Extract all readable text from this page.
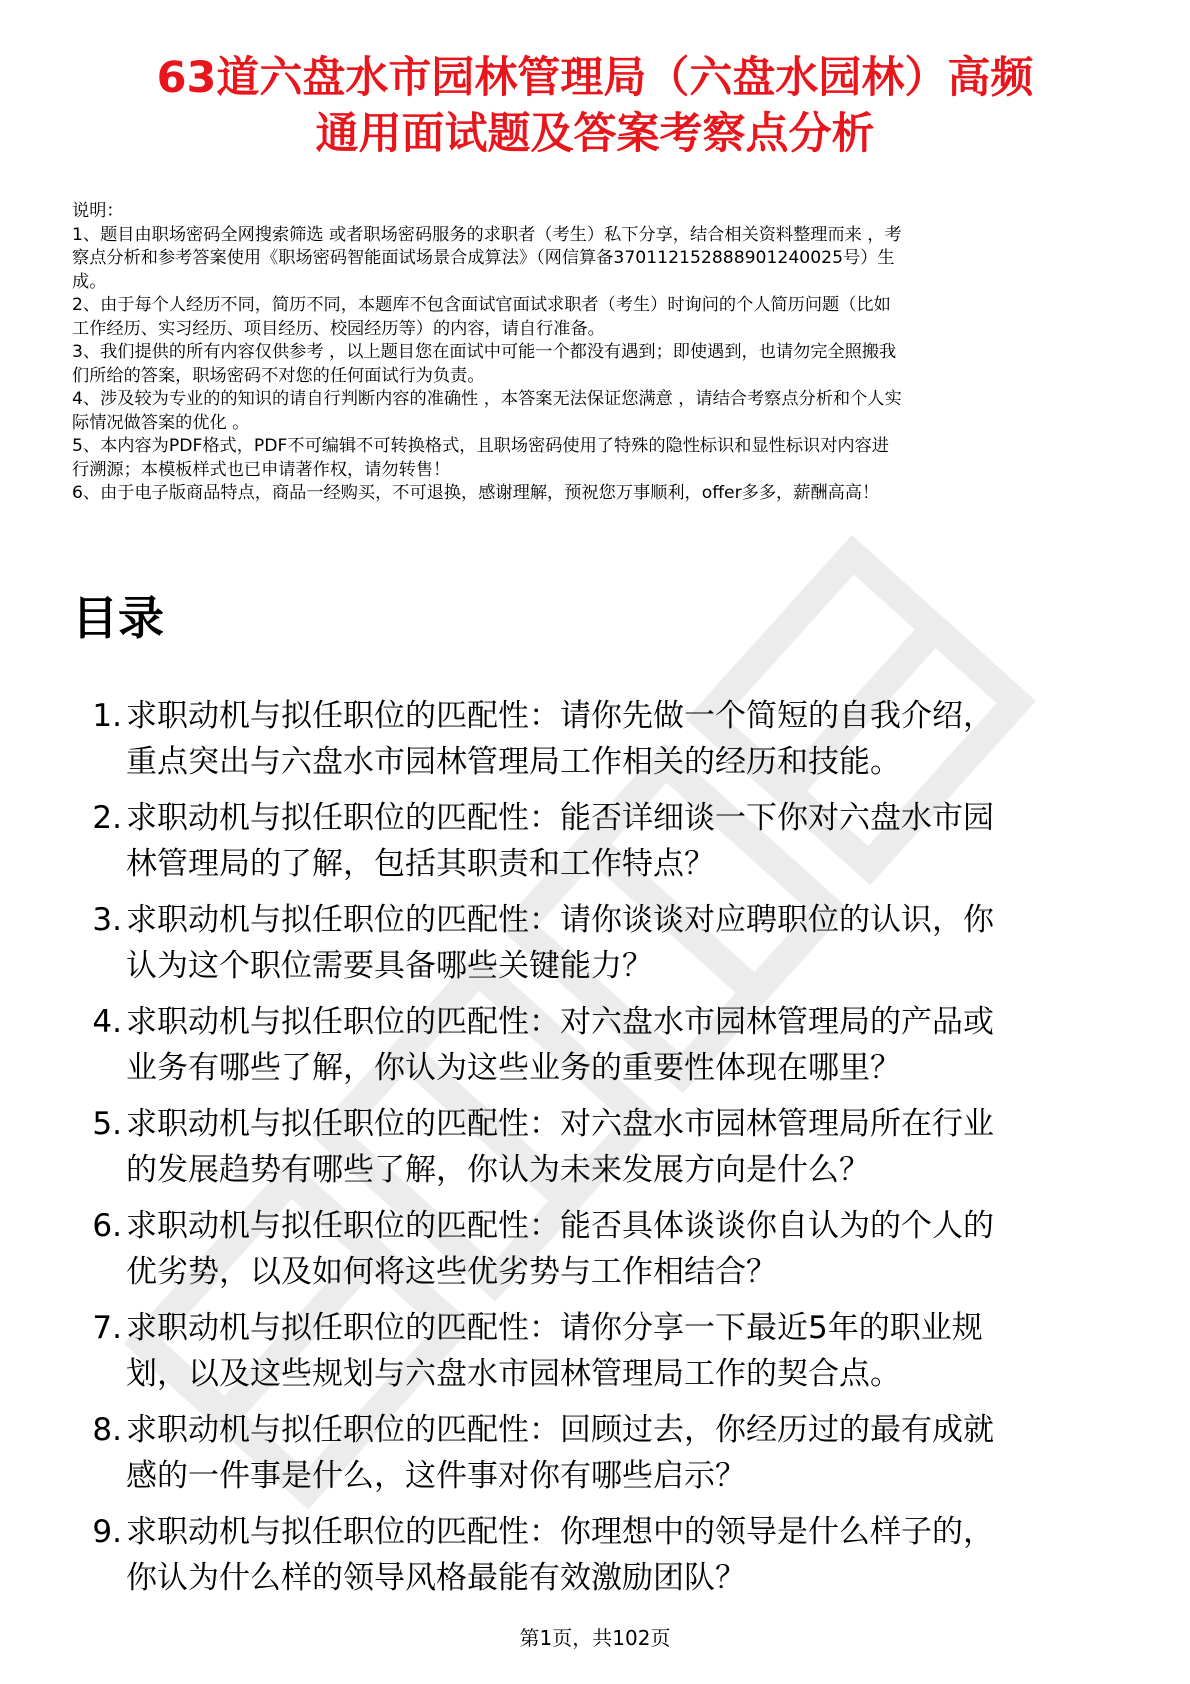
63道六盘水市园林管理局（六盘水园林）高频
通用面试题及答案考察点分析
说明：
1、题目由职场密码全网搜索筛选 或者职场密码服务的求职者（考生）私下分享，结合相关资料整理而来 ，考
察点分析和参考答案使用《职场密码智能面试场景合成算法》（网信算备370112152888901240025号）生
成。
2、由于每个人经历不同，简历不同，本题库不包含面试官面试求职者（考生）时询问的个人简历问题（比如
工作经历、实习经历、项目经历、校园经历等）的内容，请自行准备。
3、我们提供的所有内容仅供参考 ，以上题目您在面试中可能一个都没有遇到；即使遇到，也请勿完全照搬我
们所给的答案，职场密码不对您的任何面试行为负责。
4、涉及较为专业的的知识的请自行判断内容的准确性 ，本答案无法保证您满意 ，请结合考察点分析和个人实
际情况做答案的优化 。
5、本内容为PDF格式，PDF不可编辑不可转换格式，且职场密码使用了特殊的隐性标识和显性标识对内容进
行溯源；本模板样式也已申请著作权，请勿转售！
6、由于电子版商品特点，商品一经购买，不可退换，感谢理解，预祝您万事顺利，offer多多，薪酬高高！
目录
1. 求职动机与拟任职位的匹配性：请你先做一个简短的自我介绍，
重点突出与六盘水市园林管理局工作相关的经历和技能。
2. 求职动机与拟任职位的匹配性：能否详细谈一下你对六盘水市园
林管理局的了解，包括其职责和工作特点？
3. 求职动机与拟任职位的匹配性：请你谈谈对应聘职位的认识，你
认为这个职位需要具备哪些关键能力？
4. 求职动机与拟任职位的匹配性：对六盘水市园林管理局的产品或
业务有哪些了解，你认为这些业务的重要性体现在哪里？
5. 求职动机与拟任职位的匹配性：对六盘水市园林管理局所在行业
的发展趋势有哪些了解，你认为未来发展方向是什么？
6. 求职动机与拟任职位的匹配性：能否具体谈谈你自认为的个人的
优劣势，以及如何将这些优劣势与工作相结合？
7. 求职动机与拟任职位的匹配性：请你分享一下最近5年的职业规
划，以及这些规划与六盘水市园林管理局工作的契合点。
8. 求职动机与拟任职位的匹配性：回顾过去，你经历过的最有成就
感的一件事是什么，这件事对你有哪些启示？
9. 求职动机与拟任职位的匹配性：你理想中的领导是什么样子的，
你认为什么样的领导风格最能有效激励团队？
第1页，共102页
